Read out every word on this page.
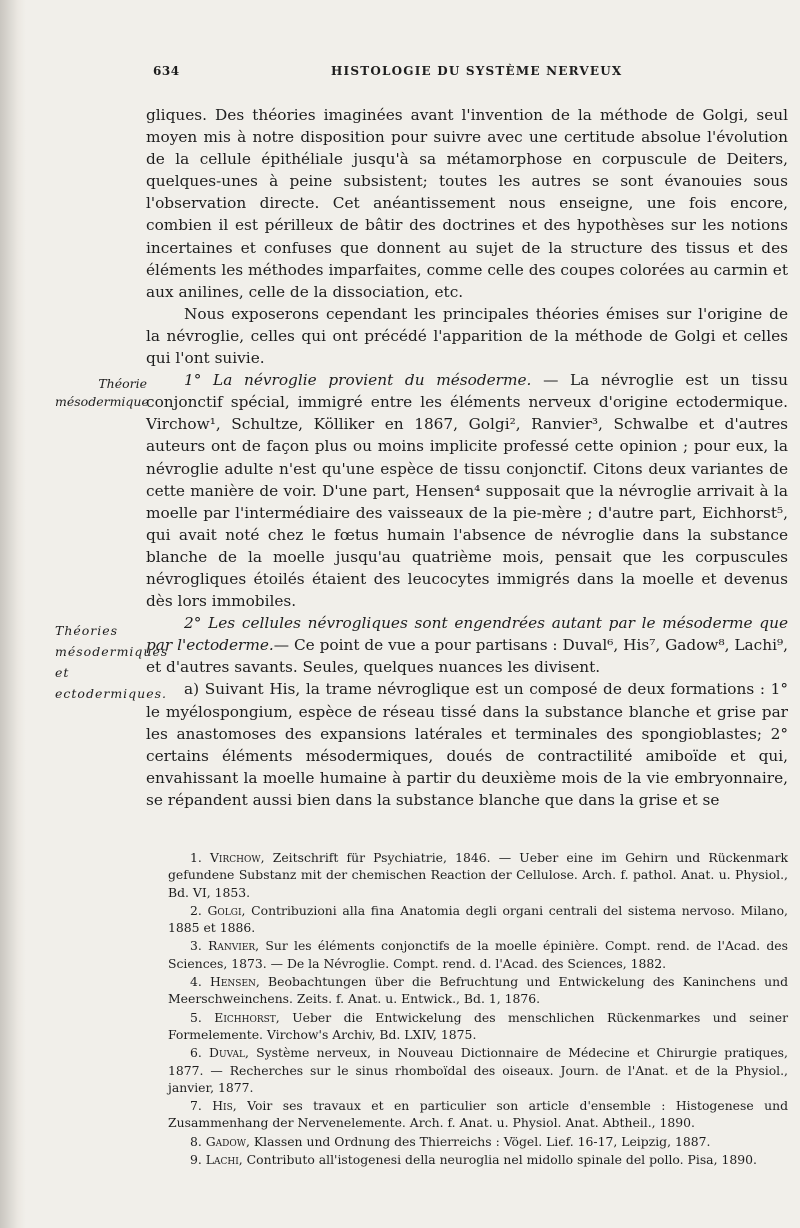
634	HISTOLOGIE DU SYSTÈME NERVEUX
Théorie mésodermique
Théories mésodermiques et ectodermiques.

gliques. Des théories imaginées avant l'invention de la méthode de Golgi, seul moyen mis à notre disposition pour suivre avec une certitude absolue l'évolution de la cellule épithéliale jusqu'à sa métamorphose en corpuscule de Deiters, quelques-unes à peine subsistent; toutes les autres se sont évanouies sous l'observation directe. Cet anéantissement nous enseigne, une fois encore, combien il est périlleux de bâtir des doctrines et des hypothèses sur les notions incertaines et confuses que donnent au sujet de la structure des tissus et des éléments les méthodes imparfaites, comme celle des coupes colorées au carmin et aux anilines, celle de la dissociation, etc.

Nous exposerons cependant les principales théories émises sur l'origine de la névroglie, celles qui ont précédé l'apparition de la méthode de Golgi et celles qui l'ont suivie.

1° La névroglie provient du mésoderme. — La névroglie est un tissu conjonctif spécial, immigré entre les éléments nerveux d'origine ectodermique. Virchow¹, Schultze, Kölliker en 1867, Golgi², Ranvier³, Schwalbe et d'autres auteurs ont de façon plus ou moins implicite professé cette opinion ; pour eux, la névroglie adulte n'est qu'une espèce de tissu conjonctif. Citons deux variantes de cette manière de voir. D'une part, Hensen⁴ supposait que la névroglie arrivait à la moelle par l'intermédiaire des vaisseaux de la pie-mère ; d'autre part, Eichhorst⁵, qui avait noté chez le fœtus humain l'absence de névroglie dans la substance blanche de la moelle jusqu'au quatrième mois, pensait que les corpuscules névrogliques étoilés étaient des leucocytes immigrés dans la moelle et devenus dès lors immobiles.

2° Les cellules névrogliques sont engendrées autant par le mésoderme que par l'ectoderme.— Ce point de vue a pour partisans : Duval⁶, His⁷, Gadow⁸, Lachi⁹, et d'autres savants. Seules, quelques nuances les divisent.

a) Suivant His, la trame névroglique est un composé de deux formations : 1° le myélospongium, espèce de réseau tissé dans la substance blanche et grise par les anastomoses des expansions latérales et terminales des spongioblastes; 2° certains éléments mésodermiques, doués de contractilité amiboïde et qui, envahissant la moelle humaine à partir du deuxième mois de la vie embryonnaire, se répandent aussi bien dans la substance blanche que dans la grise et se

1. Virchow, Zeitschrift für Psychiatrie, 1846. — Ueber eine im Gehirn und Rückenmark gefundene Substanz mit der chemischen Reaction der Cellulose. Arch. f. pathol. Anat. u. Physiol., Bd. VI, 1853.

2. Golgi, Contribuzioni alla fina Anatomia degli organi centrali del sistema nervoso. Milano, 1885 et 1886.

3. Ranvier, Sur les éléments conjonctifs de la moelle épinière. Compt. rend. de l'Acad. des Sciences, 1873. — De la Névroglie. Compt. rend. d. l'Acad. des Sciences, 1882.

4. Hensen, Beobachtungen über die Befruchtung und Entwickelung des Kaninchens und Meerschweinchens. Zeits. f. Anat. u. Entwick., Bd. 1, 1876.

5. Eichhorst, Ueber die Entwickelung des menschlichen Rückenmarkes und seiner Formelemente. Virchow's Archiv, Bd. LXIV, 1875.

6. Duval, Système nerveux, in Nouveau Dictionnaire de Médecine et Chirurgie pratiques, 1877. — Recherches sur le sinus rhomboïdal des oiseaux. Journ. de l'Anat. et de la Physiol., janvier, 1877.

7. His, Voir ses travaux et en particulier son article d'ensemble : Histogenese und Zusammenhang der Nervenelemente. Arch. f. Anat. u. Physiol. Anat. Abtheil., 1890.

8. Gadow, Klassen und Ordnung des Thierreichs : Vögel. Lief. 16-17, Leipzig, 1887.

9. Lachi, Contributo all'istogenesi della neuroglia nel midollo spinale del pollo. Pisa, 1890.
